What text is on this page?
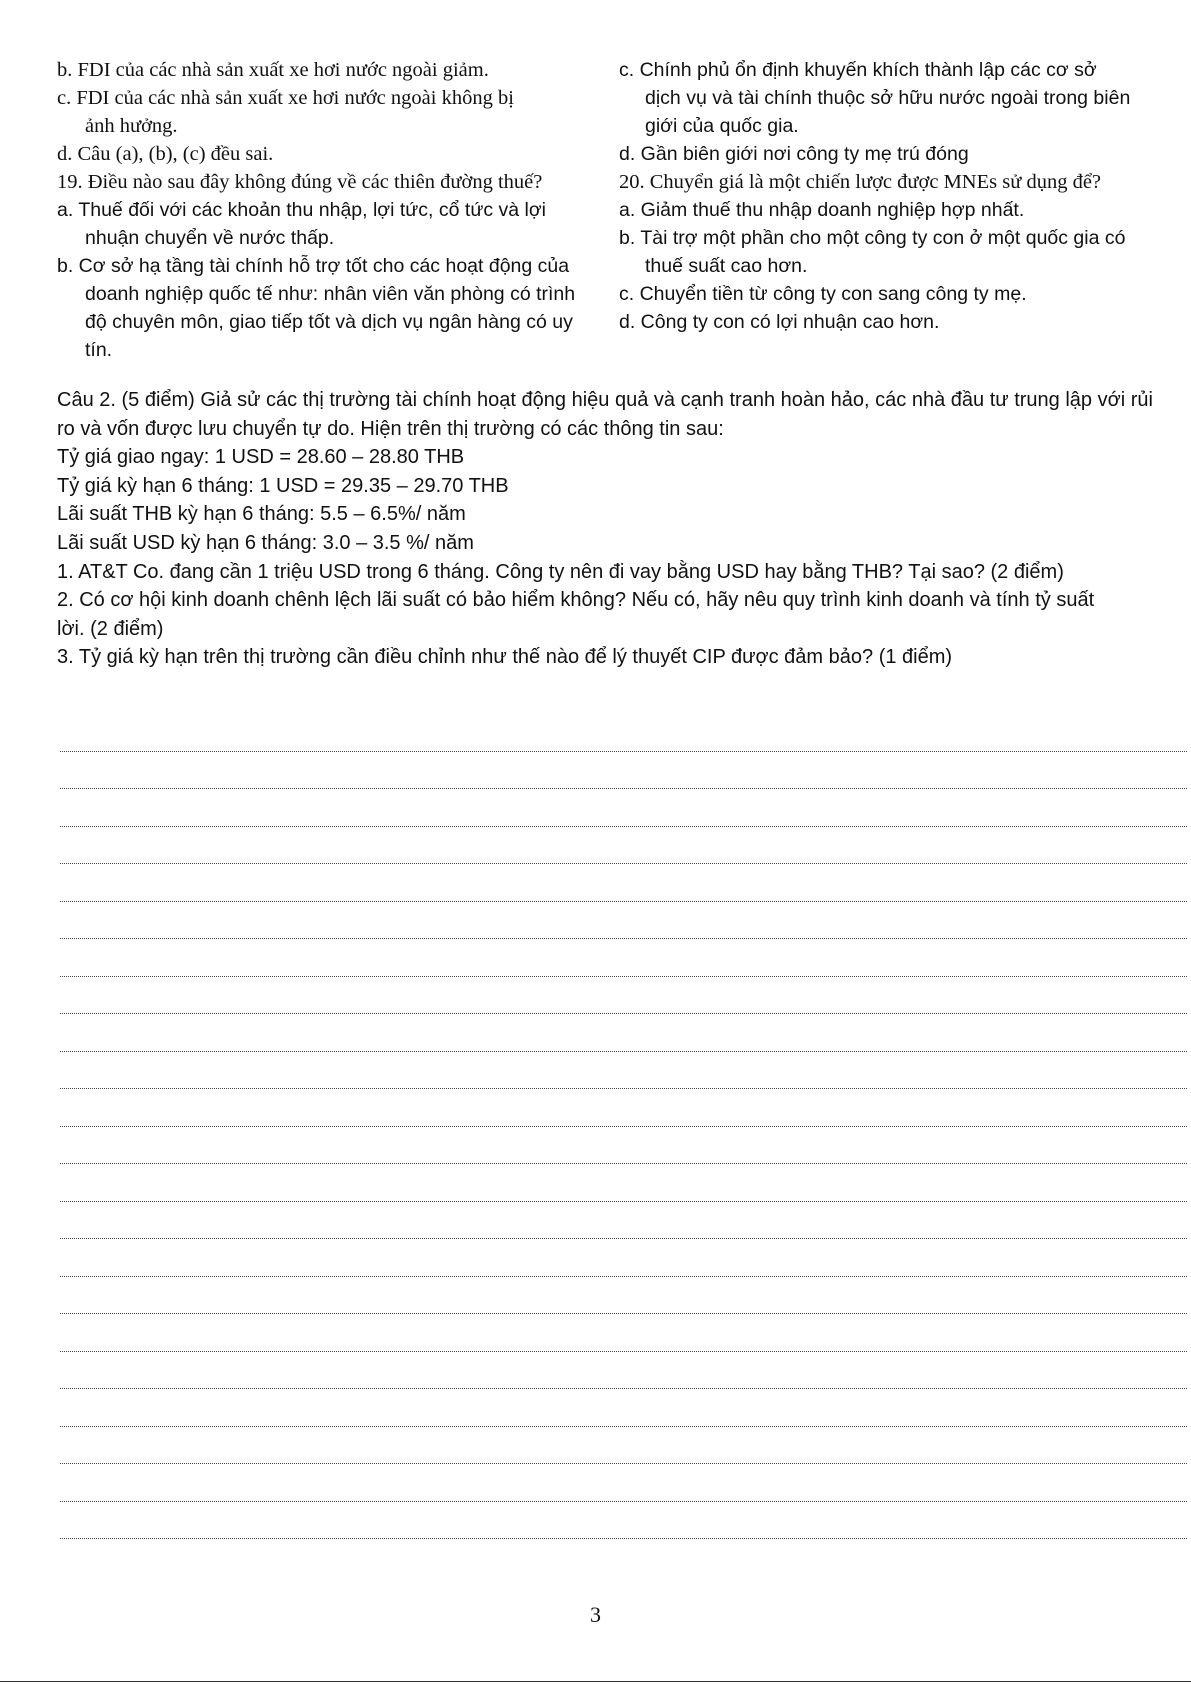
b. FDI của các nhà sản xuất xe hơi nước ngoài giảm.
c. FDI của các nhà sản xuất xe hơi nước ngoài không bị
ảnh hưởng.
d. Câu (a), (b), (c) đều sai.
19. Điều nào sau đây không đúng về các thiên đường thuế?
a. Thuế đối với các khoản thu nhập, lợi tức, cổ tức và lợi
nhuận chuyển về nước thấp.
b. Cơ sở hạ tầng tài chính hỗ trợ tốt cho các hoạt động của
doanh nghiệp quốc tế như: nhân viên văn phòng có trình
độ chuyên môn, giao tiếp tốt và dịch vụ ngân hàng có uy
tín.
c. Chính phủ ổn định khuyến khích thành lập các cơ sở
dịch vụ và tài chính thuộc sở hữu nước ngoài trong biên
giới của quốc gia.
d. Gần biên giới nơi công ty mẹ trú đóng
20. Chuyển giá là một chiến lược được MNEs sử dụng để?
a. Giảm thuế thu nhập doanh nghiệp hợp nhất.
b. Tài trợ một phần cho một công ty con ở một quốc gia có
thuế suất cao hơn.
c. Chuyển tiền từ công ty con sang công ty mẹ.
d. Công ty con có lợi nhuận cao hơn.
Câu 2. (5 điểm) Giả sử các thị trường tài chính hoạt động hiệu quả và cạnh tranh hoàn hảo, các nhà đầu tư trung lập với rủi
ro và vốn được lưu chuyển tự do. Hiện trên thị trường có các thông tin sau:
Tỷ giá giao ngay: 1 USD = 28.60 – 28.80 THB
Tỷ giá kỳ hạn 6 tháng: 1 USD = 29.35 – 29.70 THB
Lãi suất THB kỳ hạn 6 tháng: 5.5 – 6.5%/ năm
Lãi suất USD kỳ hạn 6 tháng: 3.0 – 3.5 %/ năm
1. AT&T Co. đang cần 1 triệu USD trong 6 tháng. Công ty nên đi vay bằng USD hay bằng THB? Tại sao? (2 điểm)
2. Có cơ hội kinh doanh chênh lệch lãi suất có bảo hiểm không? Nếu có, hãy nêu quy trình kinh doanh và tính tỷ suất
lời. (2 điểm)
3. Tỷ giá kỳ hạn trên thị trường cần điều chỉnh như thế nào để lý thuyết CIP được đảm bảo? (1 điểm)
3
